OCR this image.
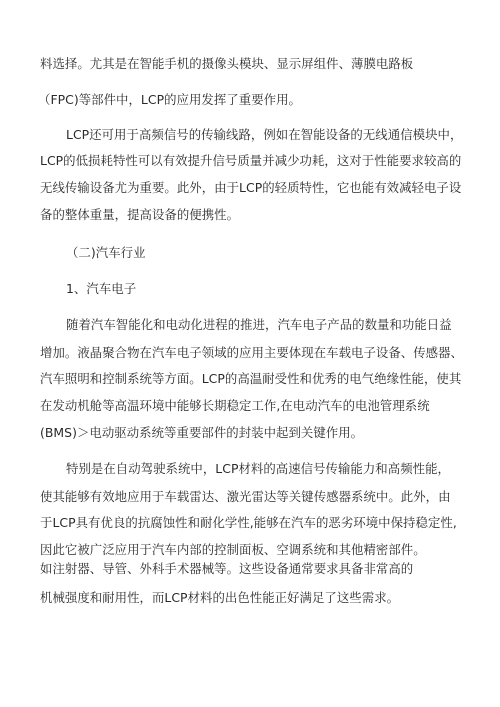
料选择。尤其是在智能手机的摄像头模块、显示屏组件、薄膜电路板
（FPC)等部件中，LCP的应用发挥了重要作用。
LCP还可用于高频信号的传输线路，例如在智能设备的无线通信模块中，
LCP的低损耗特性可以有效提升信号质量并减少功耗，这对于性能要求较高的
无线传输设备尤为重要。此外，由于LCP的轻质特性，它也能有效减轻电子设
备的整体重量，提高设备的便携性。
（二)汽车行业
1、汽车电子
随着汽车智能化和电动化进程的推进，汽车电子产品的数量和功能日益
增加。液晶聚合物在汽车电子领域的应用主要体现在车载电子设备、传感器、
汽车照明和控制系统等方面。LCP的高温耐受性和优秀的电气绝缘性能，使其
在发动机舱等高温环境中能够长期稳定工作,在电动汽车的电池管理系统
(BMS)＞电动驱动系统等重要部件的封装中起到关键作用。
特别是在自动驾驶系统中，LCP材料的高速信号传输能力和高频性能，
使其能够有效地应用于车载雷达、激光雷达等关键传感器系统中。此外，由
于LCP具有优良的抗腐蚀性和耐化学性,能够在汽车的恶劣环境中保持稳定性,
因此它被广泛应用于汽车内部的控制面板、空调系统和其他精密部件。
如注射器、导管、外科手术器械等。这些设备通常要求具备非常高的
机械强度和耐用性，而LCP材料的出色性能正好满足了这些需求。
